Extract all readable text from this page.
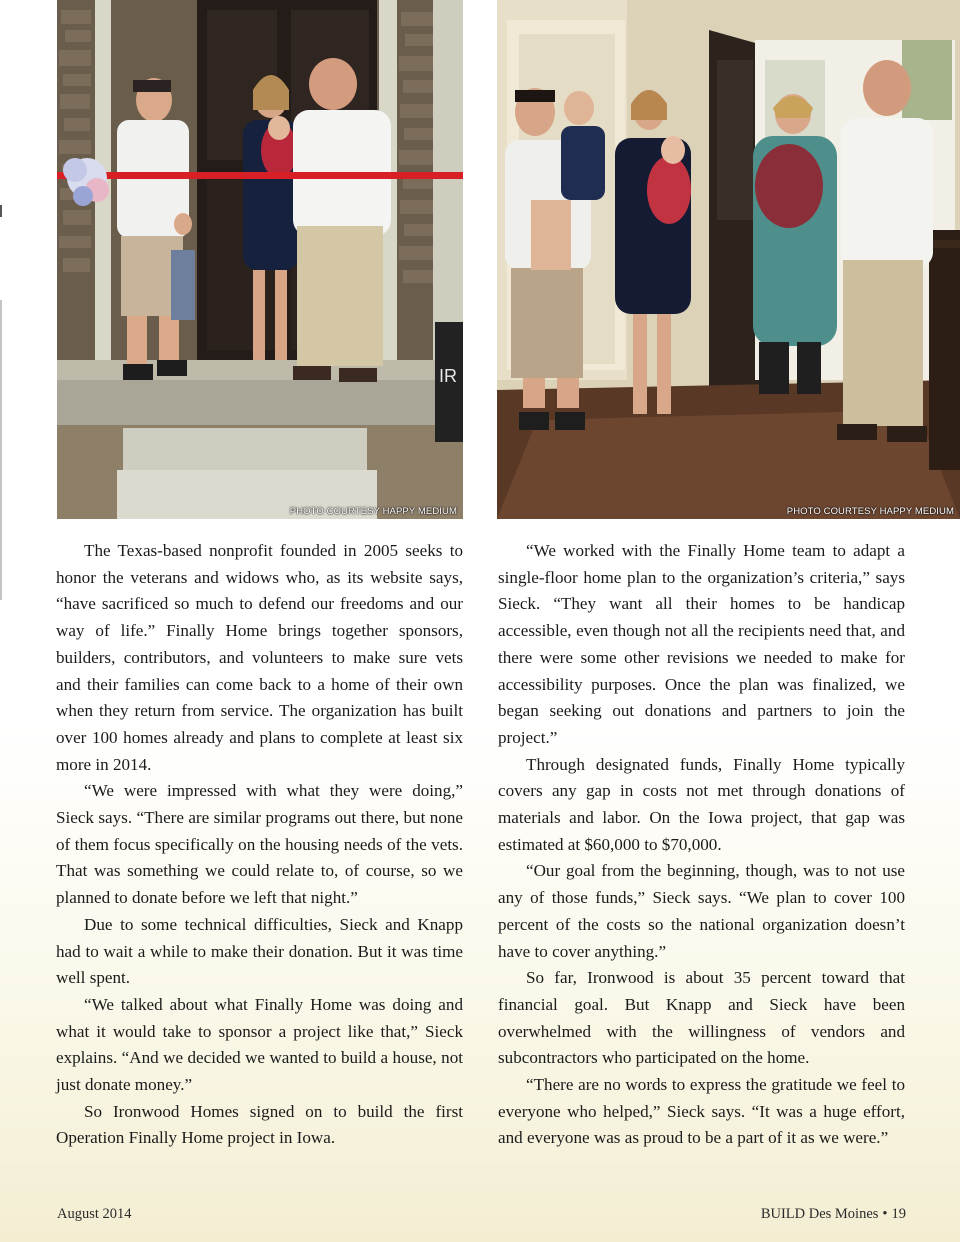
IR
PHOTO COURTESY HAPPY MEDIUM	PHOTO COURTESY HAPPY MEDIUM

The Texas-based nonprofit founded in 2005 seeks to honor the veterans and widows who, as its website says, “have sacrificed so much to defend our freedoms and our way of life.” Finally Home brings together sponsors, builders, contributors, and volunteers to make sure vets and their families can come back to a home of their own when they return from service. The organization has built over 100 homes already and plans to complete at least six more in 2014.

“We were impressed with what they were doing,” Sieck says. “There are similar programs out there, but none of them focus specifically on the housing needs of the vets. That was something we could relate to, of course, so we planned to donate before we left that night.”

Due to some technical difficulties, Sieck and Knapp had to wait a while to make their donation. But it was time well spent.

“We talked about what Finally Home was doing and what it would take to sponsor a project like that,” Sieck explains. “And we decided we wanted to build a house, not just donate money.”

So Ironwood Homes signed on to build the first Operation Finally Home project in Iowa.

“We worked with the Finally Home team to adapt a single-floor home plan to the organization’s criteria,” says Sieck. “They want all their homes to be handicap accessible, even though not all the recipients need that, and there were some other revisions we needed to make for accessibility purposes. Once the plan was finalized, we began seeking out donations and partners to join the project.”

Through designated funds, Finally Home typically covers any gap in costs not met through donations of materials and labor. On the Iowa project, that gap was estimated at $60,000 to $70,000.

“Our goal from the beginning, though, was to not use any of those funds,” Sieck says. “We plan to cover 100 percent of the costs so the national organization doesn’t have to cover anything.”

So far, Ironwood is about 35 percent toward that financial goal. But Knapp and Sieck have been overwhelmed with the willingness of vendors and subcontractors who participated on the home.

“There are no words to express the gratitude we feel to everyone who helped,” Sieck says. “It was a huge effort, and everyone was as proud to be a part of it as we were.”

August 2014	BUILD Des Moines • 19
